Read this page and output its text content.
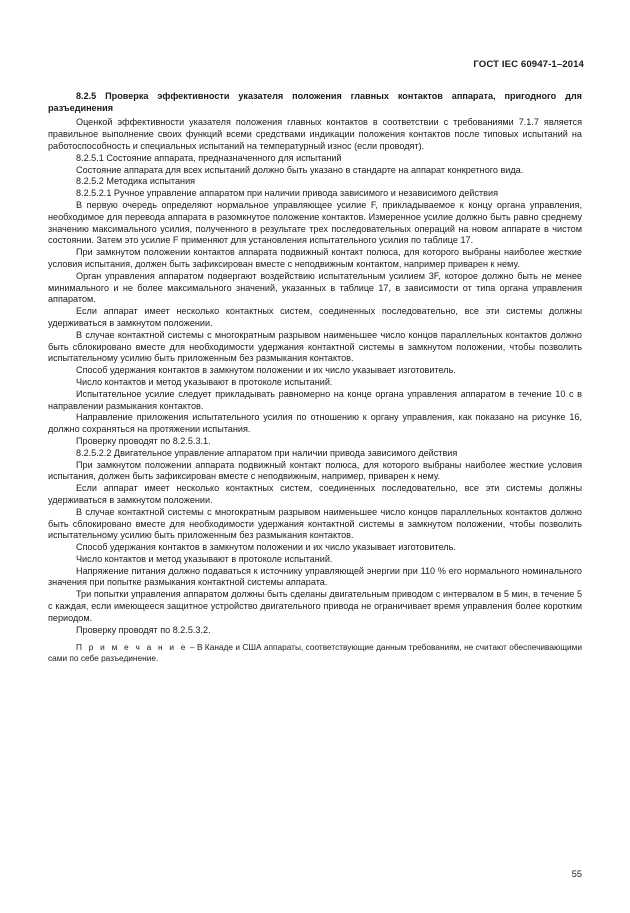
ГОСТ IEC 60947-1–2014

8.2.5 Проверка эффективности указателя положения главных контактов аппарата, пригодного для разъединения

Оценкой эффективности указателя положения главных контактов в соответствии с требованиями 7.1.7 является правильное выполнение своих функций всеми средствами индикации положения контактов после типовых испытаний на работоспособность и специальных испытаний на температурный износ (если проводят).

8.2.5.1 Состояние аппарата, предназначенного для испытаний

Состояние аппарата для всех испытаний должно быть указано в стандарте на аппарат конкретного вида.

8.2.5.2 Методика испытания

8.2.5.2.1 Ручное управление аппаратом при наличии привода зависимого и независимого действия

В первую очередь определяют нормальное управляющее усилие F, прикладываемое к концу органа управления, необходимое для перевода аппарата в разомкнутое положение контактов. Измеренное усилие должно быть равно среднему значению максимального усилия, полученного в результате трех последовательных операций на новом аппарате в чистом состоянии. Затем это усилие F применяют для установления испытательного усилия по таблице 17.

При замкнутом положении контактов аппарата подвижный контакт полюса, для которого выбраны наиболее жесткие условия испытания, должен быть зафиксирован вместе с неподвижным контактом, например приварен к нему.

Орган управления аппаратом подвергают воздействию испытательным усилием 3F, которое должно быть не менее минимального и не более максимального значений, указанных в таблице 17, в зависимости от типа органа управления аппаратом.

Если аппарат имеет несколько контактных систем, соединенных последовательно, все эти системы должны удерживаться в замкнутом положении.

В случае контактной системы с многократным разрывом наименьшее число концов параллельных контактов должно быть сблокировано вместе для необходимости удержания контактной системы в замкнутом положении, чтобы позволить испытательному усилию быть приложенным без размыкания контактов.

Способ удержания контактов в замкнутом положении и их число указывает изготовитель.

Число контактов и метод указывают в протоколе испытаний.

Испытательное усилие следует прикладывать равномерно на конце органа управления аппаратом в течение 10 с в направлении размыкания контактов.

Направление приложения испытательного усилия по отношению к органу управления, как показано на рисунке 16, должно сохраняться на протяжении испытания.

Проверку проводят по 8.2.5.3.1.

8.2.5.2.2 Двигательное управление аппаратом при наличии привода зависимого действия

При замкнутом положении аппарата подвижный контакт полюса, для которого выбраны наиболее жесткие условия испытания, должен быть зафиксирован вместе с неподвижным, например, приварен к нему.

Если аппарат имеет несколько контактных систем, соединенных последовательно, все эти системы должны удерживаться в замкнутом положении.

В случае контактной системы с многократным разрывом наименьшее число концов параллельных контактов должно быть сблокировано вместе для необходимости удержания контактной системы в замкнутом положении, чтобы позволить испытательному усилию быть приложенным без размыкания контактов.

Способ удержания контактов в замкнутом положении и их число указывает изготовитель.

Число контактов и метод указывают в протоколе испытаний.

Напряжение питания должно подаваться к источнику управляющей энергии при 110 % его нормального номинального значения при попытке размыкания контактной системы аппарата.

Три попытки управления аппаратом должны быть сделаны двигательным приводом с интервалом в 5 мин, в течение 5 с каждая, если имеющееся защитное устройство двигательного привода не ограничивает время управления более коротким периодом.

Проверку проводят по 8.2.5.3.2.

П р и м е ч а н и е – В Канаде и США аппараты, соответствующие данным требованиям, не считают обеспечивающими сами по себе разъединение.

55
